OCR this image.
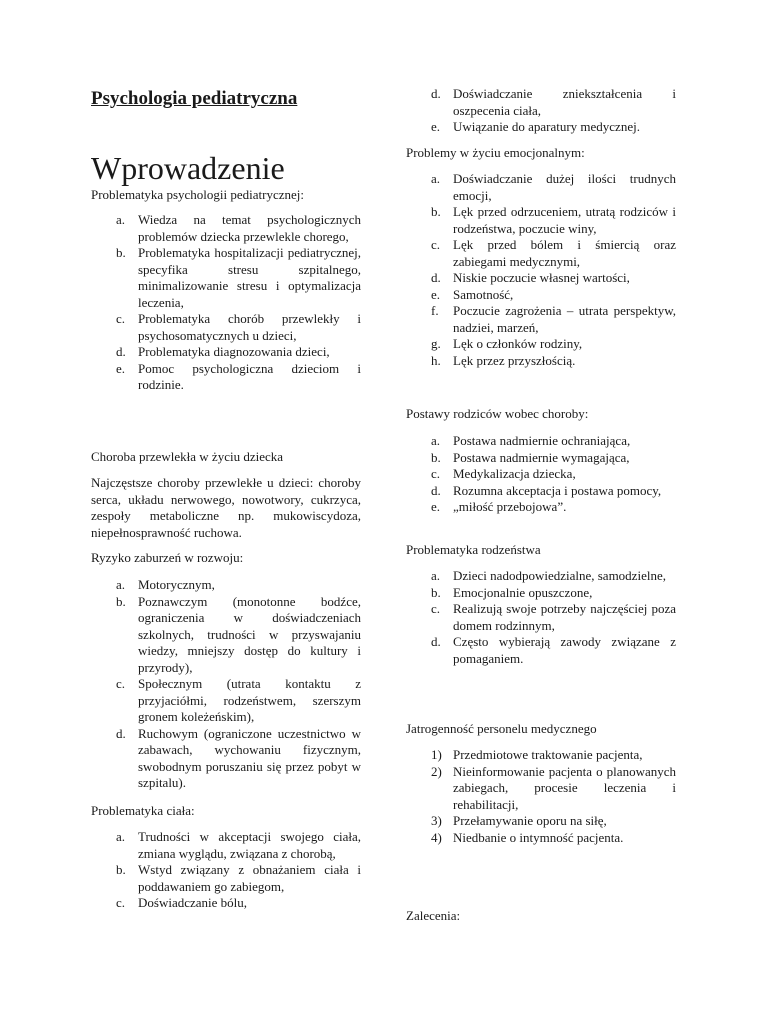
Psychologia pediatryczna
Wprowadzenie

Problematyka psychologii pediatrycznej:

a. Wiedza na temat psychologicznych problemów dziecka przewlekle chorego,
b. Problematyka hospitalizacji pediatrycznej, specyfika stresu szpitalnego, minimalizowanie stresu i optymalizacja leczenia,
c. Problematyka chorób przewlekły i psychosomatycznych u dzieci,
d. Problematyka diagnozowania dzieci,
e. Pomoc psychologiczna dzieciom i rodzinie.

Choroba przewlekła w życiu dziecka

Najczęstsze choroby przewlekłe u dzieci: choroby serca, układu nerwowego, nowotwory, cukrzyca, zespoły metaboliczne np. mukowiscydoza, niepełnosprawność ruchowa.

Ryzyko zaburzeń w rozwoju:

a. Motorycznym,
b. Poznawczym (monotonne bodźce, ograniczenia w doświadczeniach szkolnych, trudności w przyswajaniu wiedzy, mniejszy dostęp do kultury i przyrody),
c. Społecznym (utrata kontaktu z przyjaciółmi, rodzeństwem, szerszym gronem koleżeńskim),
d. Ruchowym (ograniczone uczestnictwo w zabawach, wychowaniu fizycznym, swobodnym poruszaniu się przez pobyt w szpitalu).

Problematyka ciała:

a. Trudności w akceptacji swojego ciała, zmiana wyglądu, związana z chorobą,
b. Wstyd związany z obnażaniem ciała i poddawaniem go zabiegom,
c. Doświadczanie bólu,
d. Doświadczanie zniekształcenia i oszpecenia ciała,
e. Uwiązanie do aparatury medycznej.

Problemy w życiu emocjonalnym:

a. Doświadczanie dużej ilości trudnych emocji,
b. Lęk przed odrzuceniem, utratą rodziców i rodzeństwa, poczucie winy,
c. Lęk przed bólem i śmiercią oraz zabiegami medycznymi,
d. Niskie poczucie własnej wartości,
e. Samotność,
f.	Poczucie zagrożenia – utrata perspektyw, nadziei, marzeń,
g. Lęk o członków rodziny,
h. Lęk przez przyszłością.

Postawy rodziców wobec choroby:

a. Postawa nadmiernie ochraniająca,
b. Postawa nadmiernie wymagająca,
c. Medykalizacja dziecka,
d. Rozumna akceptacja i postawa pomocy,
e. „miłość przebojowa”.

Problematyka rodzeństwa

a. Dzieci nadodpowiedzialne, samodzielne,
b. Emocjonalnie opuszczone,
c. Realizują swoje potrzeby najczęściej poza domem rodzinnym,
d. Często wybierają zawody związane z pomaganiem.

Jatrogenność personelu medycznego

1) Przedmiotowe traktowanie pacjenta,
2) Nieinformowanie pacjenta o planowanych zabiegach, procesie leczenia i rehabilitacji,
3) Przełamywanie oporu na siłę,
4) Niedbanie o intymność pacjenta.

Zalecenia:
